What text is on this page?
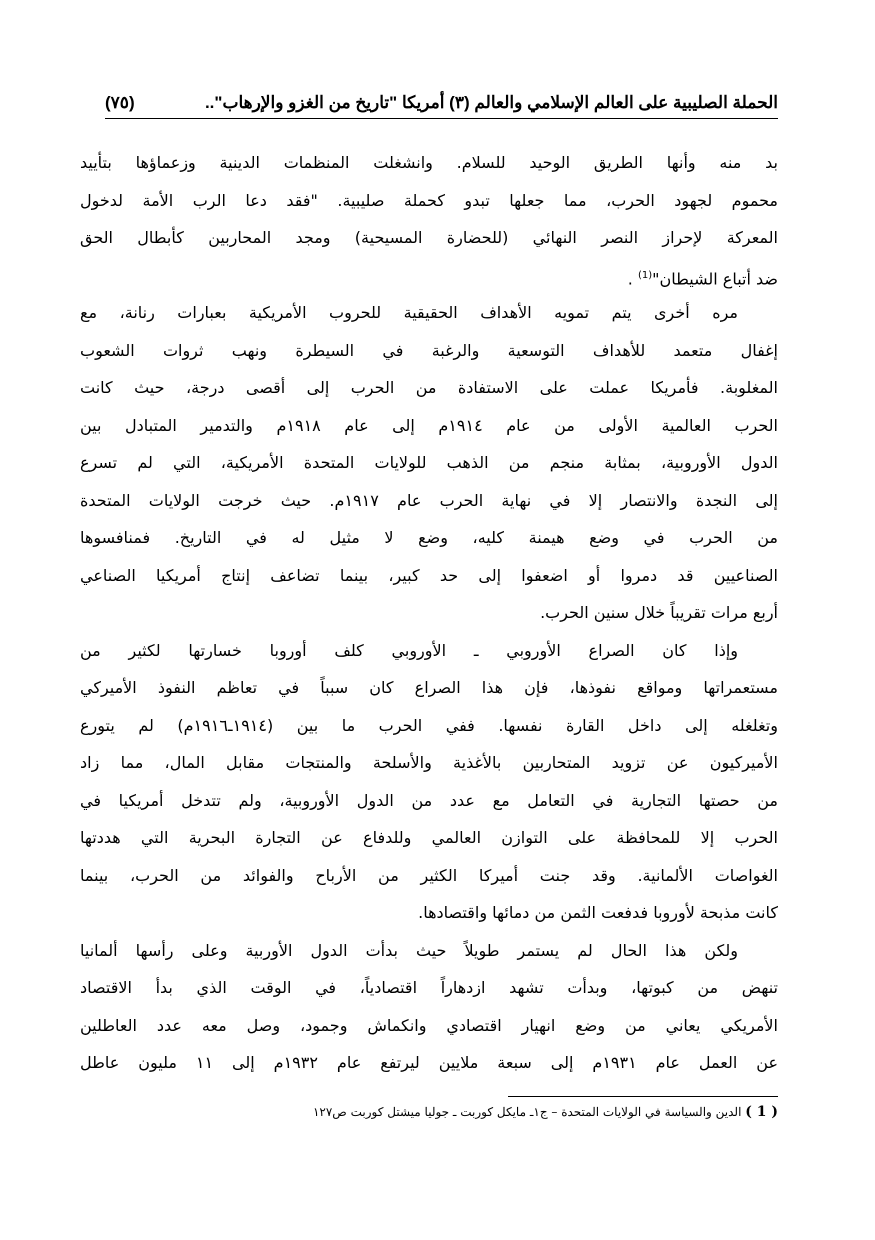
الحملة الصليبية على العالم الإسلامي والعالم (٣) أمريكا "تاريخ من الغزو والإرهاب"..
(٧٥)
بد منه وأنها الطريق الوحيد للسلام. وانشغلت المنظمات الدينية وزعماؤها بتأييد
محموم لجهود الحرب، مما جعلها تبدو كحملة صليبية. "فقد دعا الرب الأمة لدخول
المعركة لإحراز النصر النهائي (للحضارة المسيحية) ومجد المحاربين كأبطال الحق
ضد أتباع الشيطان"$^{(1)}$ .
مره أخرى يتم تمويه الأهداف الحقيقية للحروب الأمريكية بعبارات رنانة، مع
إغفال متعمد للأهداف التوسعية والرغبة في السيطرة ونهب ثروات الشعوب
المغلوبة. فأمريكا عملت على الاستفادة من الحرب إلى أقصى درجة، حيث كانت
الحرب العالمية الأولى من عام ١٩١٤م إلى عام ١٩١٨م والتدمير المتبادل بين
الدول الأوروبية، بمثابة منجم من الذهب للولايات المتحدة الأمريكية، التي لم تسرع
إلى النجدة والانتصار إلا في نهاية الحرب عام ١٩١٧م. حيث خرجت الولايات المتحدة
من الحرب في وضع هيمنة كليه، وضع لا مثيل له في التاريخ. فمنافسوها
الصناعيين قد دمروا أو اضعفوا إلى حد كبير، بينما تضاعف إنتاج أمريكيا الصناعي
أربع مرات تقريباً خلال سنين الحرب.
وإذا كان الصراع الأوروبي ـ الأوروبي كلف أوروبا خسارتها لكثير من
مستعمراتها ومواقع نفوذها، فإن هذا الصراع كان سبباً في تعاظم النفوذ الأميركي
وتغلغله إلى داخل القارة نفسها. ففي الحرب ما بين (١٩١٤ـ١٩١٦م) لم يتورع
الأميركيون عن تزويد المتحاربين بالأغذية والأسلحة والمنتجات مقابل المال، مما زاد
من حصتها التجارية في التعامل مع عدد من الدول الأوروبية، ولم تتدخل أمريكيا في
الحرب إلا للمحافظة على التوازن العالمي وللدفاع عن التجارة البحرية التي هددتها
الغواصات الألمانية. وقد جنت أميركا الكثير من الأرباح والفوائد من الحرب، بينما
كانت مذبحة لأوروبا فدفعت الثمن من دمائها واقتصادها.
ولكن هذا الحال لم يستمر طويلاً حيث بدأت الدول الأوربية وعلى رأسها ألمانيا
تنهض من كبوتها، وبدأت تشهد ازدهاراً اقتصادياً، في الوقت الذي بدأ الاقتصاد
الأمريكي يعاني من وضع انهيار اقتصادي وانكماش وجمود، وصل معه عدد العاطلين
عن العمل عام ١٩٣١م إلى سبعة ملايين ليرتفع عام ١٩٣٢م إلى ١١ مليون عاطل
( 1 ) الدين والسياسة في الولايات المتحدة – ج١ـ مايكل كوربت ـ جوليا ميشتل كوربت ص١٢٧
